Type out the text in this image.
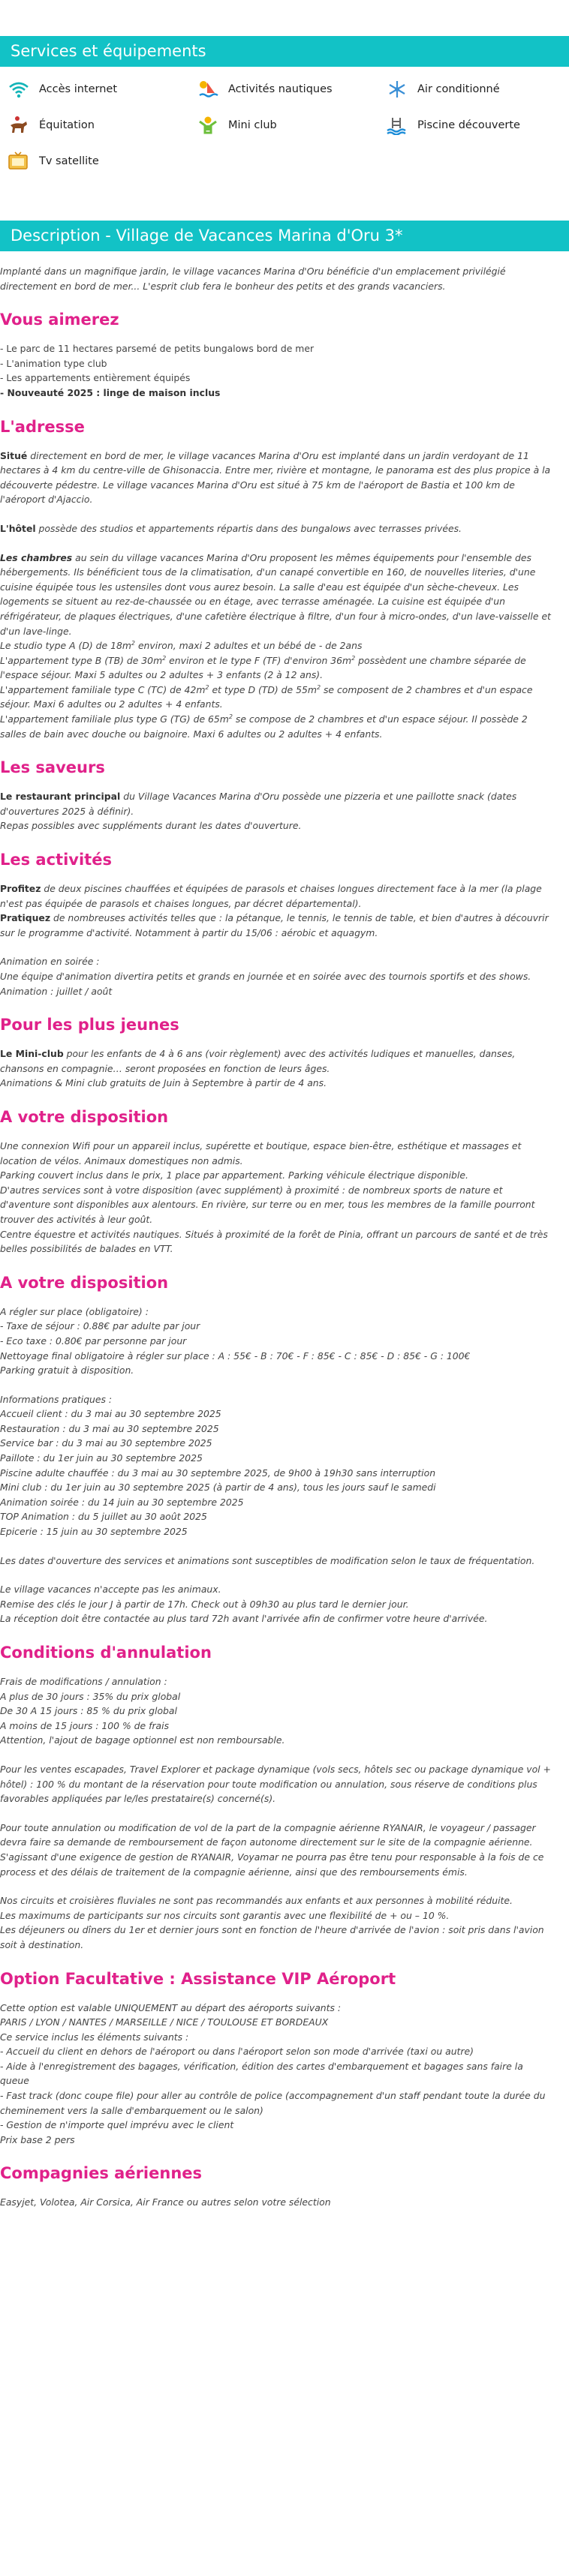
Services et équipements
Accès internet	Activités nautiques	Air conditionné
Équitation	Mini club	Piscine découverte
Tv satellite
Description - Village de Vacances Marina d'Oru 3*

Implanté dans un magnifique jardin, le village vacances Marina d'Oru bénéficie d'un emplacement privilégié directement en bord de mer... L'esprit club fera le bonheur des petits et des grands vacanciers.

Vous aimerez

- Le parc de 11 hectares parsemé de petits bungalows bord de mer

- L'animation type club

- Les appartements entièrement équipés

- Nouveauté 2025 : linge de maison inclus

L'adresse

Situé directement en bord de mer, le village vacances Marina d'Oru est implanté dans un jardin verdoyant de 11 hectares à 4 km du centre-ville de Ghisonaccia. Entre mer, rivière et montagne, le panorama est des plus propice à la découverte pédestre. Le village vacances Marina d'Oru est situé à 75 km de l'aéroport de Bastia et 100 km de l'aéroport d'Ajaccio.

L'hôtel possède des studios et appartements répartis dans des bungalows avec terrasses privées.

Les chambres au sein du village vacances Marina d'Oru proposent les mêmes équipements pour l'ensemble des hébergements. Ils bénéficient tous de la climatisation, d'un canapé convertible en 160, de nouvelles literies, d'une cuisine équipée tous les ustensiles dont vous aurez besoin. La salle d'eau est équipée d'un sèche-cheveux. Les logements se situent au rez-de-chaussée ou en étage, avec terrasse aménagée. La cuisine est équipée d'un réfrigérateur, de plaques électriques, d'une cafetière électrique à filtre, d'un four à micro-ondes, d'un lave-vaisselle et d'un lave-linge.

Le studio type A (D) de $18m^2$ environ, maxi 2 adultes et un bébé de - de 2ans

L'appartement type B (TB) de $30m^2$ environ et le type F (TF) d'environ $36m^2$ possèdent une chambre séparée de l'espace séjour. Maxi 5 adultes ou 2 adultes + 3 enfants (2 à 12 ans).

L'appartement familiale type C (TC) de $42m^2$ et type D (TD) de $55m^2$ se composent de 2 chambres et d'un espace séjour. Maxi 6 adultes ou 2 adultes + 4 enfants.

L'appartement familiale plus type G (TG) de $65m^2$ se compose de 2 chambres et d'un espace séjour. Il possède 2 salles de bain avec douche ou baignoire. Maxi 6 adultes ou 2 adultes + 4 enfants.

Les saveurs

Le restaurant principal du Village Vacances Marina d'Oru possède une pizzeria et une paillotte snack (dates d'ouvertures 2025 à définir).

Repas possibles avec suppléments durant les dates d'ouverture.

Les activités

Profitez de deux piscines chauffées et équipées de parasols et chaises longues directement face à la mer (la plage n'est pas équipée de parasols et chaises longues, par décret départemental).

Pratiquez de nombreuses activités telles que : la pétanque, le tennis, le tennis de table, et bien d'autres à découvrir sur le programme d'activité. Notamment à partir du 15/06 : aérobic et aquagym.

Animation en soirée :

Une équipe d'animation divertira petits et grands en journée et en soirée avec des tournois sportifs et des shows.

Animation : juillet / août

Pour les plus jeunes

Le Mini-club pour les enfants de 4 à 6 ans (voir règlement) avec des activités ludiques et manuelles, danses, chansons en compagnie… seront proposées en fonction de leurs âges.

Animations & Mini club gratuits de Juin à Septembre à partir de 4 ans.

A votre disposition

Une connexion Wifi pour un appareil inclus, supérette et boutique, espace bien-être, esthétique et massages et location de vélos. Animaux domestiques non admis.

Parking couvert inclus dans le prix, 1 place par appartement. Parking véhicule électrique disponible.

D'autres services sont à votre disposition (avec supplément) à proximité : de nombreux sports de nature et d'aventure sont disponibles aux alentours. En rivière, sur terre ou en mer, tous les membres de la famille pourront trouver des activités à leur goût.

Centre équestre et activités nautiques. Situés à proximité de la forêt de Pinia, offrant un parcours de santé et de très belles possibilités de balades en VTT.

A votre disposition

A régler sur place (obligatoire) :

- Taxe de séjour : 0.88€ par adulte par jour

- Eco taxe : 0.80€ par personne par jour

Nettoyage final obligatoire à régler sur place : A : 55€ - B : 70€ - F : 85€ - C : 85€ - D : 85€ - G : 100€

Parking gratuit à disposition.

Informations pratiques :

Accueil client : du 3 mai au 30 septembre 2025

Restauration : du 3 mai au 30 septembre 2025

Service bar : du 3 mai au 30 septembre 2025

Paillote : du 1er juin au 30 septembre 2025

Piscine adulte chauffée : du 3 mai au 30 septembre 2025, de 9h00 à 19h30 sans interruption

Mini club : du 1er juin au 30 septembre 2025 (à partir de 4 ans), tous les jours sauf le samedi

Animation soirée : du 14 juin au 30 septembre 2025

TOP Animation : du 5 juillet au 30 août 2025

Epicerie : 15 juin au 30 septembre 2025

Les dates d'ouverture des services et animations sont susceptibles de modification selon le taux de fréquentation.

Le village vacances n'accepte pas les animaux.

Remise des clés le jour J à partir de 17h. Check out à 09h30 au plus tard le dernier jour.

La réception doit être contactée au plus tard 72h avant l'arrivée afin de confirmer votre heure d'arrivée.

Conditions d'annulation

Frais de modifications / annulation :

A plus de 30 jours : 35% du prix global

De 30 A 15 jours : 85 % du prix global

A moins de 15 jours : 100 % de frais

Attention, l'ajout de bagage optionnel est non remboursable.

Pour les ventes escapades, Travel Explorer et package dynamique (vols secs, hôtels sec ou package dynamique vol + hôtel) : 100 % du montant de la réservation pour toute modification ou annulation, sous réserve de conditions plus favorables appliquées par le/les prestataire(s) concerné(s).

Pour toute annulation ou modification de vol de la part de la compagnie aérienne RYANAIR, le voyageur / passager devra faire sa demande de remboursement de façon autonome directement sur le site de la compagnie aérienne. S'agissant d'une exigence de gestion de RYANAIR, Voyamar ne pourra pas être tenu pour responsable à la fois de ce process et des délais de traitement de la compagnie aérienne, ainsi que des remboursements émis.

Nos circuits et croisières fluviales ne sont pas recommandés aux enfants et aux personnes à mobilité réduite.

Les maximums de participants sur nos circuits sont garantis avec une flexibilité de + ou – 10 %.

Les déjeuners ou dîners du 1er et dernier jours sont en fonction de l'heure d'arrivée de l'avion : soit pris dans l'avion soit à destination.

Option Facultative : Assistance VIP Aéroport

Cette option est valable UNIQUEMENT au départ des aéroports suivants :

PARIS / LYON / NANTES / MARSEILLE / NICE / TOULOUSE ET BORDEAUX

Ce service inclus les éléments suivants :

- Accueil du client en dehors de l'aéroport ou dans l'aéroport selon son mode d'arrivée (taxi ou autre)

- Aide à l'enregistrement des bagages, vérification, édition des cartes d'embarquement et bagages sans faire la queue

- Fast track (donc coupe file) pour aller au contrôle de police (accompagnement d'un staff pendant toute la durée du cheminement vers la salle d'embarquement ou le salon)

- Gestion de n'importe quel imprévu avec le client

Prix base 2 pers

Compagnies aériennes

Easyjet, Volotea, Air Corsica, Air France ou autres selon votre sélection
